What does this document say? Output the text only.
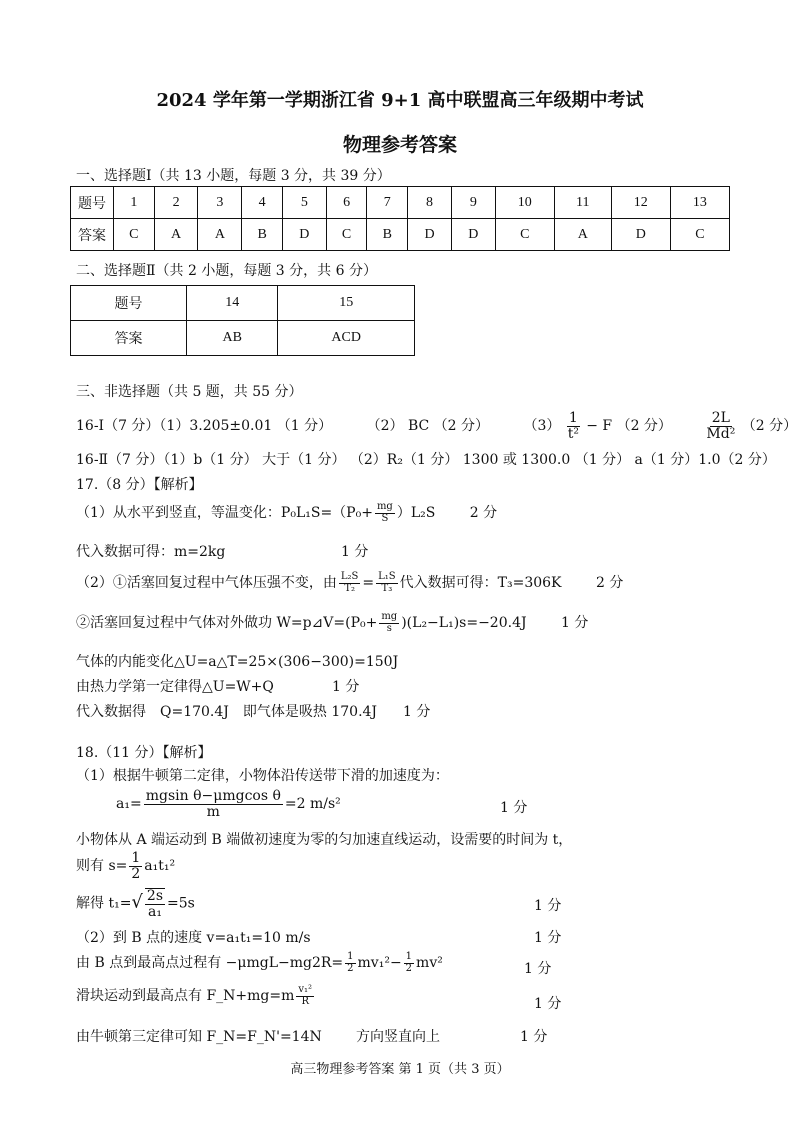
2024 学年第一学期浙江省 9+1 高中联盟高三年级期中考试
物理参考答案
一、选择题Ⅰ（共 13 小题，每题 3 分，共 39 分）
题号	1	2	3	4	5	6	7	8	9	10	11	12	13
答案	C	A	A	B	D	C	B	D	D	C	A	D	C
二、选择题Ⅱ（共 2 小题，每题 3 分，共 6 分）
题号	14	15
答案	AB	ACD
三、非选择题（共 5 题，共 55 分）
16-Ⅰ（7 分）（1）3.205±0.01 （1 分） （2） BC （2 分） $(3) \frac{1}{\text{t²}} - F$ （2 分） $\frac{2L}{\text{Md²}} (2$ 分）
16-Ⅱ（7 分）（1）b（1 分） 大于（1 分） （2）R₂（1 分） 1300 或 1300.0 （1 分） a（1 分）1.0（2 分）
17.（8 分）【解析】
（1）从水平到竖直，等温变化：$P_0L_1S=(P_0+ \frac{mg}{S} )L_2S$ 2 分
代入数据可得：m=2kg	1 分
（2）①活塞回复过程中气体压强不变，由 $\frac{\text{L₂S}}{\text{T₂}} = \frac{\text{L₁S}}{\text{T₃}}$ 代入数据可得：T₃=306K 2 分
②活塞回复过程中气体对外做功 W=p⊿V=(P₀+ $\frac{mg}{s} )(L_2-L_1)s=-20.4J$ 1 分
气体的内能变化△U=a△T=25×(306−300)=150J
由热力学第一定律得△U=W+Q	1 分
代入数据得　Q=170.4J　即气体是吸热 170.4J 1 分
18.（11 分）【解析】
（1）根据牛顿第二定律，小物体沿传送带下滑的加速度为：
$a_1= \frac{\text{mgsin θ−μmgcos θ}}{m} =2$ m/s²	1 分
小物体从 A 端运动到 B 端做初速度为零的匀加速直线运动，设需要的时间为 t，
则有 $s= \frac{1}{2} a_1t_1^2$
解得 $t_1=√ \frac{2s}{\text{a₁}} =5s$	1 分
（2）到 B 点的速度 v=a₁t₁=10 m/s	1 分
由 B 点到最高点过程有 $-\mu mgL-mg2R= \frac{1}{2} mv_1^2- \frac{1}{2} mv^2$	1 分
滑块运动到最高点有 F_N+mg=m $\frac{\text{v₁²}}{R}$	1 分
由牛顿第三定律可知 F_N=F_N'=14N 方向竖直向上	1 分
高三物理参考答案 第 1 页（共 3 页）
